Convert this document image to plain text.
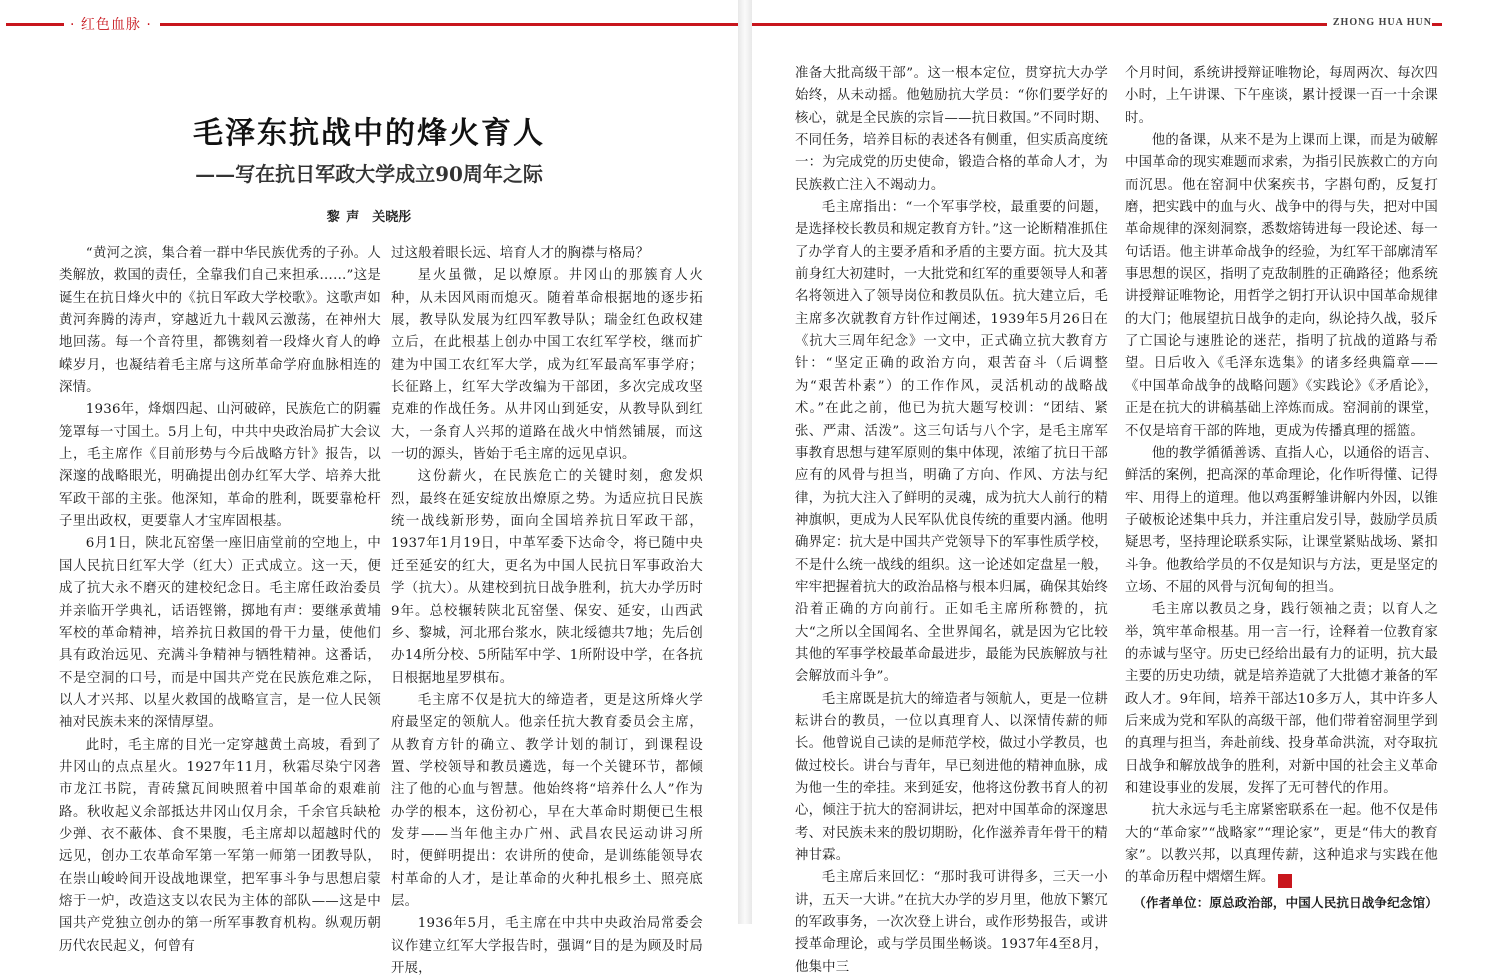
· 红色血脉 ·
毛泽东抗战中的烽火育人
——写在抗日军政大学成立90周年之际
黎 声　关晓彤

“黄河之滨，集合着一群中华民族优秀的子孙。人类解放，救国的责任，全靠我们自己来担承……”这是诞生在抗日烽火中的《抗日军政大学校歌》。这歌声如黄河奔腾的涛声，穿越近九十载风云激荡，在神州大地回荡。每一个音符里，都镌刻着一段烽火育人的峥嵘岁月，也凝结着毛主席与这所革命学府血脉相连的深情。

1936年，烽烟四起、山河破碎，民族危亡的阴霾笼罩每一寸国土。5月上旬，中共中央政治局扩大会议上，毛主席作《目前形势与今后战略方针》报告，以深邃的战略眼光，明确提出创办红军大学、培养大批军政干部的主张。他深知，革命的胜利，既要靠枪杆子里出政权，更要靠人才宝库固根基。

6月1日，陕北瓦窑堡一座旧庙堂前的空地上，中国人民抗日红军大学（红大）正式成立。这一天，便成了抗大永不磨灭的建校纪念日。毛主席任政治委员并亲临开学典礼，话语铿锵，掷地有声：要继承黄埔军校的革命精神，培养抗日救国的骨干力量，使他们具有政治远见、充满斗争精神与牺牲精神。这番话，不是空洞的口号，而是中国共产党在民族危难之际，以人才兴邦、以星火救国的战略宣言，是一位人民领袖对民族未来的深情厚望。

此时，毛主席的目光一定穿越黄土高坡，看到了井冈山的点点星火。1927年11月，秋霜尽染宁冈砻市龙江书院，青砖黛瓦间映照着中国革命的艰难前路。秋收起义余部抵达井冈山仅月余，千余官兵缺枪少弹、衣不蔽体、食不果腹，毛主席却以超越时代的远见，创办工农革命军第一军第一师第一团教导队，在崇山峻岭间开设战地课堂，把军事斗争与思想启蒙熔于一炉，改造这支以农民为主体的部队——这是中国共产党独立创办的第一所军事教育机构。纵观历朝历代农民起义，何曾有

过这般着眼长远、培育人才的胸襟与格局？

星火虽微，足以燎原。井冈山的那簇育人火种，从未因风雨而熄灭。随着革命根据地的逐步拓展，教导队发展为红四军教导队；瑞金红色政权建立后，在此根基上创办中国工农红军学校，继而扩建为中国工农红军大学，成为红军最高军事学府；长征路上，红军大学改编为干部团，多次完成攻坚克难的作战任务。从井冈山到延安，从教导队到红大，一条育人兴邦的道路在战火中悄然铺展，而这一切的源头，皆始于毛主席的远见卓识。

这份薪火，在民族危亡的关键时刻，愈发炽烈，最终在延安绽放出燎原之势。为适应抗日民族统一战线新形势，面向全国培养抗日军政干部，1937年1月19日，中革军委下达命令，将已随中央迁至延安的红大，更名为中国人民抗日军事政治大学（抗大）。从建校到抗日战争胜利，抗大办学历时9年。总校辗转陕北瓦窑堡、保安、延安，山西武乡、黎城，河北邢台浆水，陕北绥德共7地；先后创办14所分校、5所陆军中学、1所附设中学，在各抗日根据地星罗棋布。

毛主席不仅是抗大的缔造者，更是这所烽火学府最坚定的领航人。他亲任抗大教育委员会主席，从教育方针的确立、教学计划的制订，到课程设置、学校领导和教员遴选，每一个关键环节，都倾注了他的心血与智慧。他始终将“培养什么人”作为办学的根本，这份初心，早在大革命时期便已生根发芽——当年他主办广州、武昌农民运动讲习所时，便鲜明提出：农讲所的使命，是训练能领导农村革命的人才，是让革命的火种扎根乡土、照亮底层。

1936年5月，毛主席在中共中央政治局常委会议作建立红军大学报告时，强调“目的是为顾及时局开展，

ZHONG HUA HUN

准备大批高级干部”。这一根本定位，贯穿抗大办学始终，从未动摇。他勉励抗大学员：“你们要学好的核心，就是全民族的宗旨——抗日救国。”不同时期、不同任务，培养目标的表述各有侧重，但实质高度统一：为完成党的历史使命，锻造合格的革命人才，为民族救亡注入不竭动力。

毛主席指出：“一个军事学校，最重要的问题，是选择校长教员和规定教育方针。”这一论断精准抓住了办学育人的主要矛盾和矛盾的主要方面。抗大及其前身红大初建时，一大批党和红军的重要领导人和著名将领进入了领导岗位和教员队伍。抗大建立后，毛主席多次就教育方针作过阐述，1939年5月26日在《抗大三周年纪念》一文中，正式确立抗大教育方针：“坚定正确的政治方向，艰苦奋斗（后调整为“艰苦朴素”）的工作作风，灵活机动的战略战术。”在此之前，他已为抗大题写校训：“团结、紧张、严肃、活泼”。这三句话与八个字，是毛主席军事教育思想与建军原则的集中体现，浓缩了抗日干部应有的风骨与担当，明确了方向、作风、方法与纪律，为抗大注入了鲜明的灵魂，成为抗大人前行的精神旗帜，更成为人民军队优良传统的重要内涵。他明确界定：抗大是中国共产党领导下的军事性质学校，不是什么统一战线的组织。这一论述如定盘星一般，牢牢把握着抗大的政治品格与根本归属，确保其始终沿着正确的方向前行。正如毛主席所称赞的，抗大“之所以全国闻名、全世界闻名，就是因为它比较其他的军事学校最革命最进步，最能为民族解放与社会解放而斗争”。

毛主席既是抗大的缔造者与领航人，更是一位耕耘讲台的教员，一位以真理育人、以深情传薪的师长。他曾说自己读的是师范学校，做过小学教员，也做过校长。讲台与青年，早已刻进他的精神血脉，成为他一生的牵挂。来到延安，他将这份教书育人的初心，倾注于抗大的窑洞讲坛，把对中国革命的深邃思考、对民族未来的殷切期盼，化作滋养青年骨干的精神甘霖。

毛主席后来回忆：“那时我可讲得多，三天一小讲，五天一大讲。”在抗大办学的岁月里，他放下繁冗的军政事务，一次次登上讲台，或作形势报告，或讲授革命理论，或与学员围坐畅谈。1937年4至8月，他集中三

个月时间，系统讲授辩证唯物论，每周两次、每次四小时，上午讲课、下午座谈，累计授课一百一十余课时。

他的备课，从来不是为上课而上课，而是为破解中国革命的现实难题而求索，为指引民族救亡的方向而沉思。他在窑洞中伏案疾书，字斟句酌，反复打磨，把实践中的血与火、战争中的得与失，把对中国革命规律的深刻洞察，悉数熔铸进每一段论述、每一句话语。他主讲革命战争的经验，为红军干部廓清军事思想的误区，指明了克敌制胜的正确路径；他系统讲授辩证唯物论，用哲学之钥打开认识中国革命规律的大门；他展望抗日战争的走向，纵论持久战，驳斥了亡国论与速胜论的迷茫，指明了抗战的道路与希望。日后收入《毛泽东选集》的诸多经典篇章——《中国革命战争的战略问题》《实践论》《矛盾论》，正是在抗大的讲稿基础上淬炼而成。窑洞前的课堂，不仅是培育干部的阵地，更成为传播真理的摇篮。

他的教学循循善诱、直指人心，以通俗的语言、鲜活的案例，把高深的革命理论，化作听得懂、记得牢、用得上的道理。他以鸡蛋孵雏讲解内外因，以锥子破板论述集中兵力，并注重启发引导，鼓励学员质疑思考，坚持理论联系实际，让课堂紧贴战场、紧扣斗争。他教给学员的不仅是知识与方法，更是坚定的立场、不屈的风骨与沉甸甸的担当。

毛主席以教员之身，践行领袖之责；以育人之举，筑牢革命根基。用一言一行，诠释着一位教育家的赤诚与坚守。历史已经给出最有力的证明，抗大最主要的历史功绩，就是培养造就了大批德才兼备的军政人才。9年间，培养干部达10多万人，其中许多人后来成为党和军队的高级干部，他们带着窑洞里学到的真理与担当，奔赴前线、投身革命洪流，对夺取抗日战争和解放战争的胜利，对新中国的社会主义革命和建设事业的发展，发挥了无可替代的作用。

抗大永远与毛主席紧密联系在一起。他不仅是伟大的“革命家”“战略家”“理论家”，更是“伟大的教育家”。以教兴邦，以真理传薪，这种追求与实践在他的革命历程中熠熠生辉。	中

（作者单位：原总政治部，中国人民抗日战争纪念馆）
